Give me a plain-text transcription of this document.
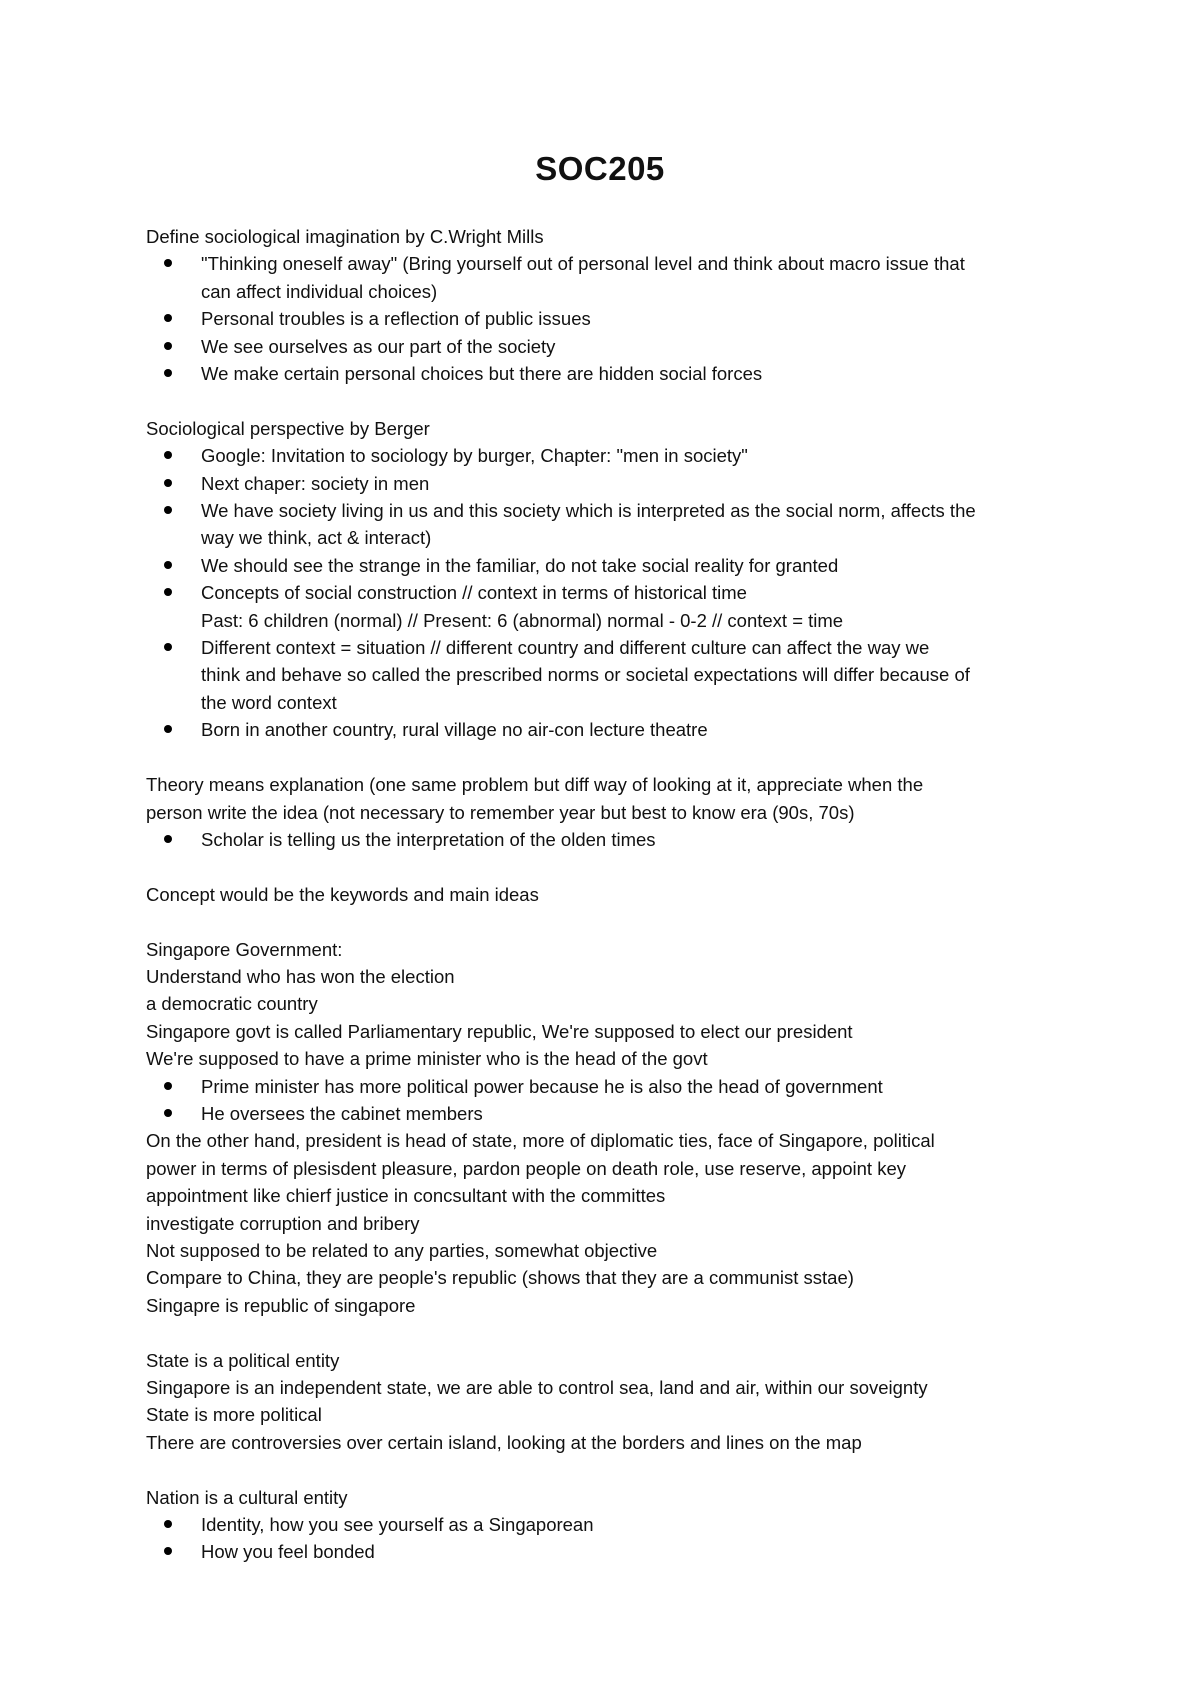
SOC205
Define sociological imagination by C.Wright Mills
"Thinking oneself away" (Bring yourself out of personal level and think about macro issue that
can affect individual choices)
Personal troubles is a reflection of public issues
We see ourselves as our part of the society
We make certain personal choices but there are hidden social forces
Sociological perspective by Berger
Google: Invitation to sociology by burger, Chapter: "men in society"
Next chaper: society in men
We have society living in us and this society which is interpreted as the social norm, affects the
way we think, act & interact)
We should see the strange in the familiar, do not take social reality for granted
Concepts of social construction // context in terms of historical time
Past: 6 children (normal) // Present: 6 (abnormal) normal - 0-2 // context = time
Different context = situation // different country and different culture can affect the way we
think and behave so called the prescribed norms or societal expectations will differ because of
the word context
Born in another country, rural village no air-con lecture theatre
Theory means explanation (one same problem but diff way of looking at it, appreciate when the
person write the idea (not necessary to remember year but best to know era (90s, 70s)
Scholar is telling us the interpretation of the olden times
Concept would be the keywords and main ideas
Singapore Government:
Understand who has won the election
a democratic country
Singapore govt is called Parliamentary republic, We're supposed to elect our president
We're supposed to have a prime minister who is the head of the govt
Prime minister has more political power because he is also the head of government
He oversees the cabinet members
On the other hand, president is head of state, more of diplomatic ties, face of Singapore, political
power in terms of plesisdent pleasure, pardon people on death role, use reserve, appoint key
appointment like chierf justice in concsultant with the committes
investigate corruption and bribery
Not supposed to be related to any parties, somewhat objective
Compare to China, they are people's republic (shows that they are a communist sstae)
Singapre is republic of singapore
State is a political entity
Singapore is an independent state, we are able to control sea, land and air, within our soveignty
State is more political
There are controversies over certain island, looking at the borders and lines on the map
Nation is a cultural entity
Identity, how you see yourself as a Singaporean
How you feel bonded
